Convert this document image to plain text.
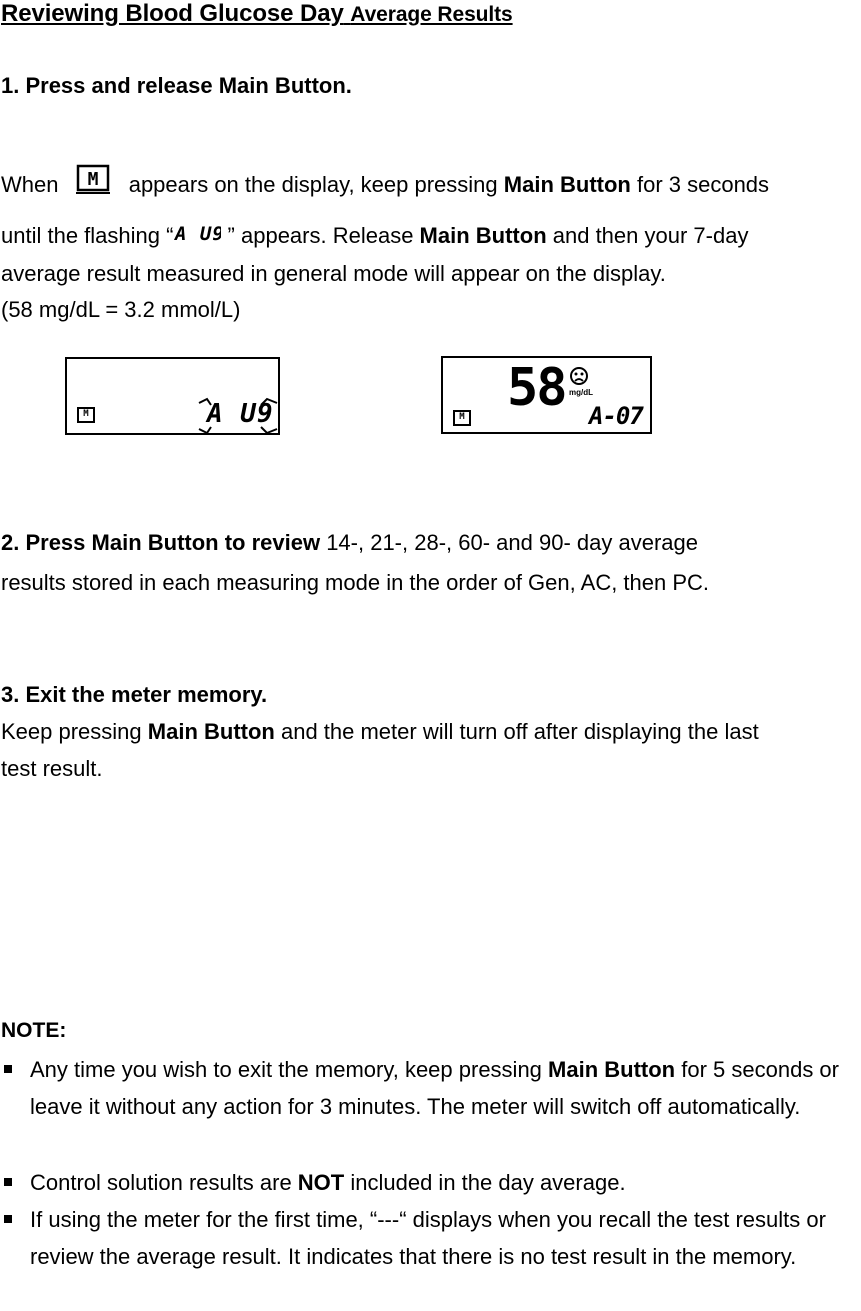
Reviewing Blood Glucose Day Average Results
1. Press and release Main Button.
When M appears on the display, keep pressing Main Button for 3 seconds
until the flashing “ A U9
” appears. Release Main Button and then your 7-day
average result measured in general mode will appear on the display.
(58 mg/dL = 3.2 mmol/L)
M	A U9	M 58 mg/dL
A-07
2. Press Main Button to review 14-, 21-, 28-, 60- and 90- day average
results stored in each measuring mode in the order of Gen, AC, then PC.
3. Exit the meter memory.
Keep pressing Main Button and the meter will turn off after displaying the last
test result.
NOTE:
Any time you wish to exit the memory, keep pressing Main Button for 5 seconds or leave it without any action for 3 minutes. The meter will switch off automatically.
Control solution results are NOT included in the day average.
If using the meter for the first time, “---“ displays when you recall the test results or review the average result. It indicates that there is no test result in the memory.
